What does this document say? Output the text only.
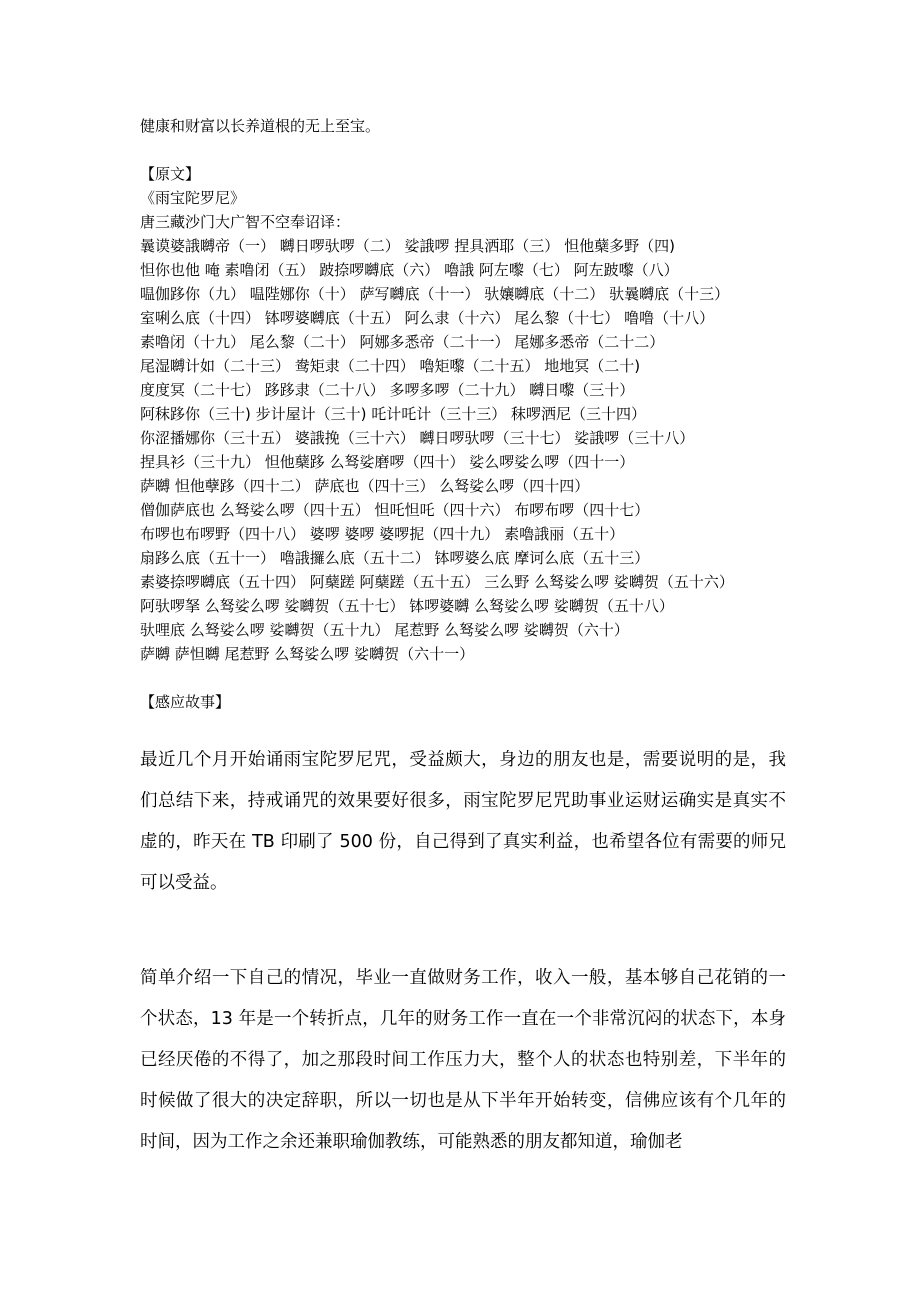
健康和财富以长养道根的无上至宝。

【原文】

《雨宝陀罗尼》
唐三藏沙门大广智不空奉诏译：
曩谟婆誐嚩帝（一） 嚩日啰驮啰（二） 娑誐啰 捏具洒耶（三） 怛他蘖多野（四)
怛你也他 唵 素噜闭（五） 跛捺啰嚩底（六） 嚕誐 阿左嚟（七） 阿左跛嚟（八）
嗢伽跢你（九） 嗢陛娜你（十） 萨写嚩底（十一） 驮孃嚩底（十二） 驮曩嚩底（十三）
室唎么底（十四） 钵啰婆嚩底（十五） 阿么隶（十六） 尾么黎（十七） 噜噜（十八）
素噜闭（十九） 尾么黎（二十） 阿娜多悉帝（二十一） 尾娜多悉帝（二十二）
尾湿嚩计如（二十三） 鸯矩隶（二十四） 嚕矩嚟（二十五） 地地冥（二十)
度度冥（二十七） 跢跢隶（二十八） 多啰多啰（二十九） 嚩日嚟（三十）
阿秣跢你（三十) 步计屋计（三十) 吒计吒计（三十三） 秣啰洒尼（三十四）
你涩播娜你（三十五） 婆誐挽（三十六） 嚩日啰驮啰（三十七） 娑誐啰（三十八）
捏具衫（三十九） 怛他蘖跢 么驽娑磨啰（四十） 娑么啰娑么啰（四十一）
萨嚩 怛他孽跢（四十二） 萨底也（四十三） 么驽娑么啰（四十四）
僧伽萨底也 么驽娑么啰（四十五） 怛吒怛吒（四十六） 布啰布啰（四十七）
布啰也布啰野（四十八） 婆啰 婆啰 婆啰抳（四十九） 素嚕誐丽（五十）
扇跢么底（五十一） 嚕誐攞么底（五十二） 钵啰婆么底 摩诃么底（五十三）
素婆捺啰嚩底（五十四） 阿蘖蹉 阿蘖蹉（五十五） 三么野 么驽娑么啰 娑嚩贺（五十六）
阿驮啰拏 么驽娑么啰 娑嚩贺（五十七） 钵啰婆嚩 么驽娑么啰 娑嚩贺（五十八）
驮哩底 么驽娑么啰 娑嚩贺（五十九） 尾惹野 么驽娑么啰 娑嚩贺（六十）
萨嚩 萨怛嚩 尾惹野 么驽娑么啰 娑嚩贺（六十一）

【感应故事】

最近几个月开始诵雨宝陀罗尼咒，受益颇大，身边的朋友也是，需要说明的是，我们总结下来，持戒诵咒的效果要好很多，雨宝陀罗尼咒助事业运财运确实是真实不虚的，昨天在 TB 印刷了 500 份，自己得到了真实利益，也希望各位有需要的师兄可以受益。

简单介绍一下自己的情况，毕业一直做财务工作，收入一般，基本够自己花销的一个状态，13 年是一个转折点，几年的财务工作一直在一个非常沉闷的状态下，本身已经厌倦的不得了，加之那段时间工作压力大，整个人的状态也特别差，下半年的时候做了很大的决定辞职，所以一切也是从下半年开始转变，信佛应该有个几年的时间，因为工作之余还兼职瑜伽教练，可能熟悉的朋友都知道，瑜伽老
